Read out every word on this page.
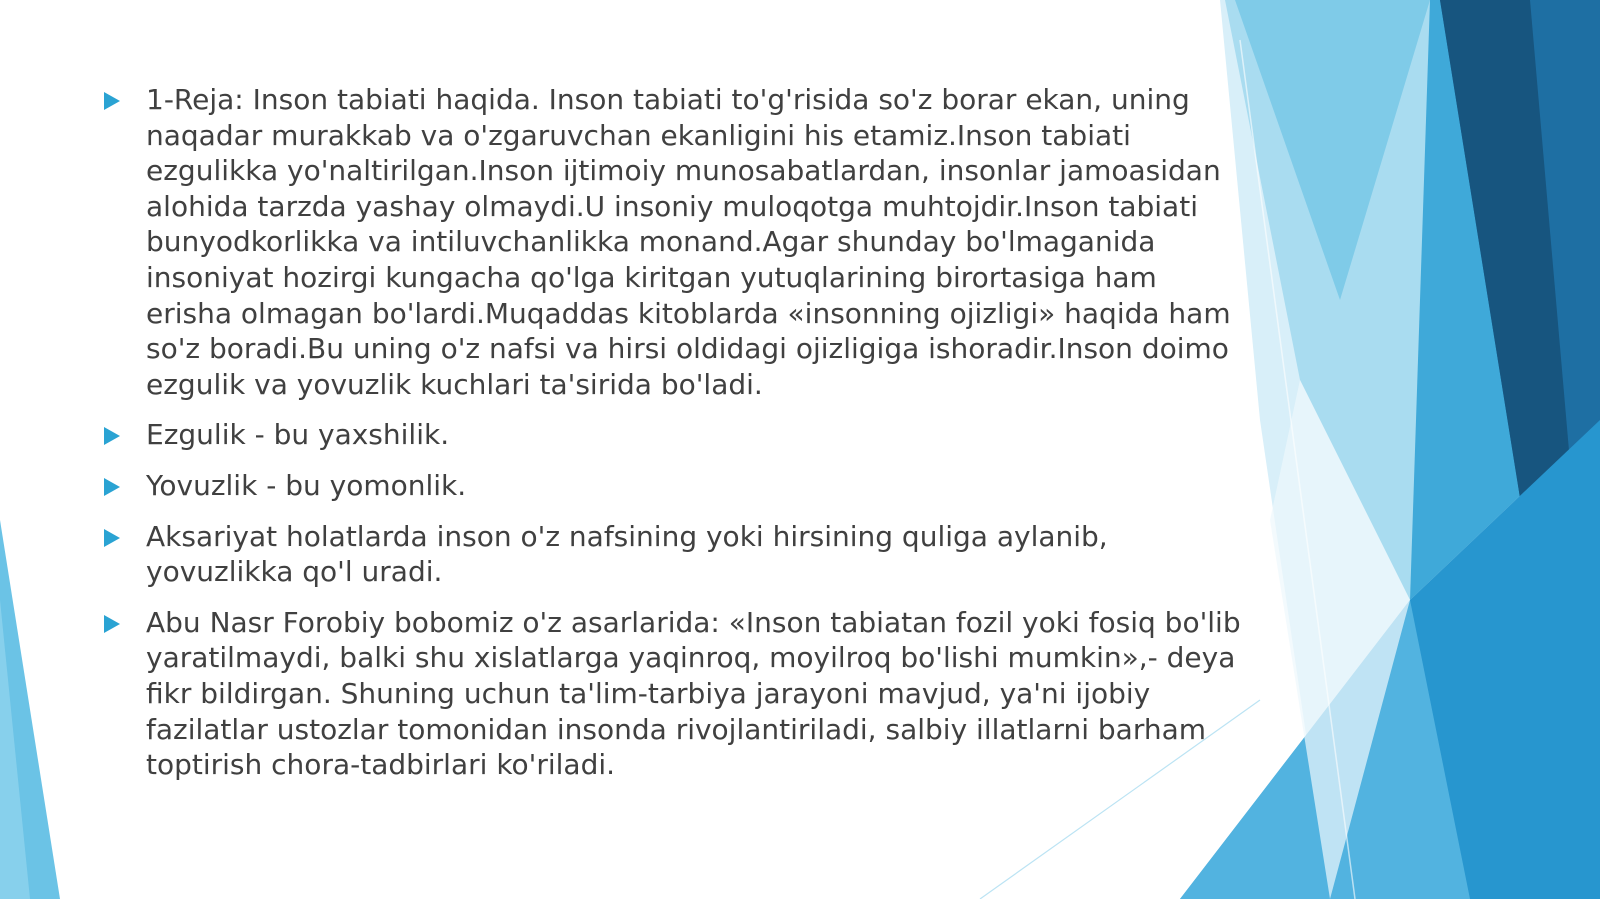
1-Reja: Inson tabiati haqida. Inson tabiati to'g'risida so'z borar ekan, uning naqadar murakkab va o'zgaruvchan ekanligini his etamiz.Inson tabiati ezgulikka yo'naltirilgan.Inson ijtimoiy munosabatlardan, insonlar jamoasidan alohida tarzda yashay olmaydi.U insoniy muloqotga muhtojdir.Inson tabiati bunyodkorlikka va intiluvchanlikka monand.Agar shunday bo'lmaganida insoniyat hozirgi kungacha qo'lga kiritgan yutuqlarining birortasiga ham erisha olmagan bo'lardi.Muqaddas kitoblarda «insonning ojizligi» haqida ham so'z boradi.Bu uning o'z nafsi va hirsi oldidagi ojizligiga ishoradir.Inson doimo ezgulik va yovuzlik kuchlari ta'sirida bo'ladi.
Ezgulik - bu yaxshilik.
Yovuzlik - bu yomonlik.
Aksariyat holatlarda inson o'z nafsining yoki hirsining quliga aylanib, yovuzlikka qo'l uradi.
Abu Nasr Forobiy bobomiz o'z asarlarida: «Inson tabiatan fozil yoki fosiq bo'lib yaratilmaydi, balki shu xislatlarga yaqinroq, moyilroq bo'lishi mumkin»,- deya fikr bildirgan. Shuning uchun ta'lim-tarbiya jarayoni mavjud, ya'ni ijobiy fazilatlar ustozlar tomonidan insonda rivojlantiriladi, salbiy illatlarni barham toptirish chora-tadbirlari ko'riladi.
